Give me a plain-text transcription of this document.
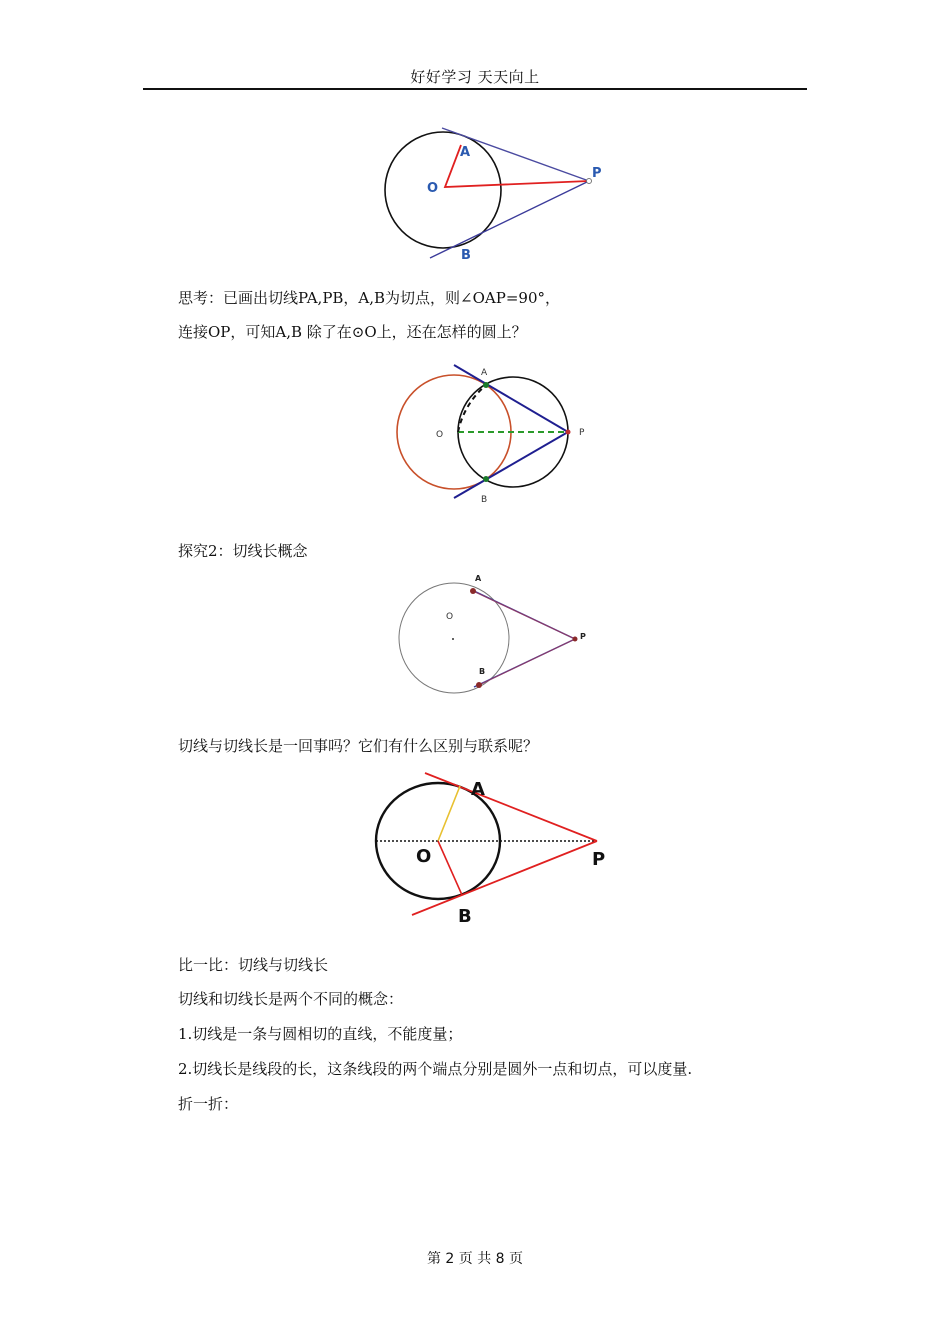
好好学习 天天向上
A
O
P
B
思考：已画出切线PA,PB，A,B为切点，则∠OAP=90°，
连接OP，可知A,B 除了在⊙O上，还在怎样的圆上？
A
O	P
B
探究2：切线长概念
A
O
P
B
切线与切线长是一回事吗？它们有什么区别与联系呢？
A
O	P
B
比一比：切线与切线长
切线和切线长是两个不同的概念：
1.切线是一条与圆相切的直线，不能度量；
2.切线长是线段的长，这条线段的两个端点分别是圆外一点和切点，可以度量.
折一折：
第 2 页 共 8 页
